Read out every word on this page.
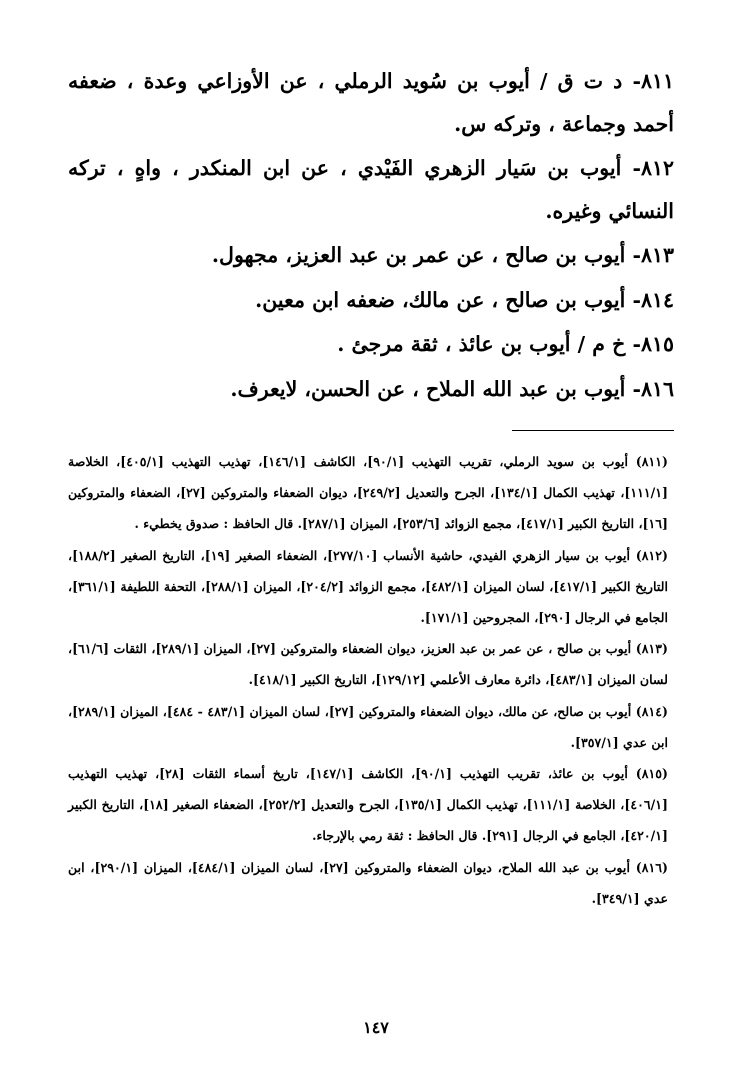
٨١١- د ت ق / أيوب بن سُويد الرملي ، عن الأوزاعي وعدة ، ضعفه أحمد وجماعة ، وتركه س.

٨١٢- أيوب بن سَيار الزهري الفَيْدي ، عن ابن المنكدر ، واهٍ ، تركه النسائي وغيره.

٨١٣- أيوب بن صالح ، عن عمر بن عبد العزيز، مجهول.

٨١٤- أيوب بن صالح ، عن مالك، ضعفه ابن معين.

٨١٥- خ م / أيوب بن عائذ ، ثقة مرجئ .

٨١٦- أيوب بن عبد الله الملاح ، عن الحسن، لايعرف.

(٨١١) أيوب بن سويد الرملي، تقريب التهذيب [٩٠/١]، الكاشف [١٤٦/١]، تهذيب التهذيب [٤٠٥/١]، الخلاصة [١١١/١]، تهذيب الكمال [١٣٤/١]، الجرح والتعديل [٢٤٩/٢]، ديوان الضعفاء والمتروكين [٢٧]، الضعفاء والمتروكين [١٦]، التاريخ الكبير [٤١٧/١]، مجمع الزوائد [٢٥٣/٦]، الميزان [٢٨٧/١]. قال الحافظ : صدوق يخطيء .

(٨١٢) أيوب بن سيار الزهري الفيدي، حاشية الأنساب [٢٧٧/١٠]، الضعفاء الصغير [١٩]، التاريخ الصغير [١٨٨/٢]، التاريخ الكبير [٤١٧/١]، لسان الميزان [٤٨٢/١]، مجمع الزوائد [٢٠٤/٢]، الميزان [٢٨٨/١]، التحفة اللطيفة [٣٦١/١]، الجامع في الرجال [٢٩٠]، المجروحين [١٧١/١].

(٨١٣) أيوب بن صالح ، عن عمر بن عبد العزيز، ديوان الضعفاء والمتروكين [٢٧]، الميزان [٢٨٩/١]، الثقات [٦١/٦]، لسان الميزان [٤٨٣/١]، دائرة معارف الأعلمي [١٢٩/١٢]، التاريخ الكبير [٤١٨/١].

(٨١٤) أيوب بن صالح، عن مالك، ديوان الضعفاء والمتروكين [٢٧]، لسان الميزان [٤٨٣/١ - ٤٨٤]، الميزان [٢٨٩/١]، ابن عدي [٣٥٧/١].

(٨١٥) أيوب بن عائذ، تقريب التهذيب [٩٠/١]، الكاشف [١٤٧/١]، تاريخ أسماء الثقات [٢٨]، تهذيب التهذيب [٤٠٦/١]، الخلاصة [١١١/١]، تهذيب الكمال [١٣٥/١]، الجرح والتعديل [٢٥٢/٢]، الضعفاء الصغير [١٨]، التاريخ الكبير [٤٢٠/١]، الجامع في الرجال [٢٩١]. قال الحافظ : ثقة رمي بالإرجاء.

(٨١٦) أيوب بن عبد الله الملاح، ديوان الضعفاء والمتروكين [٢٧]، لسان الميزان [٤٨٤/١]، الميزان [٢٩٠/١]، ابن عدي [٣٤٩/١].

١٤٧
